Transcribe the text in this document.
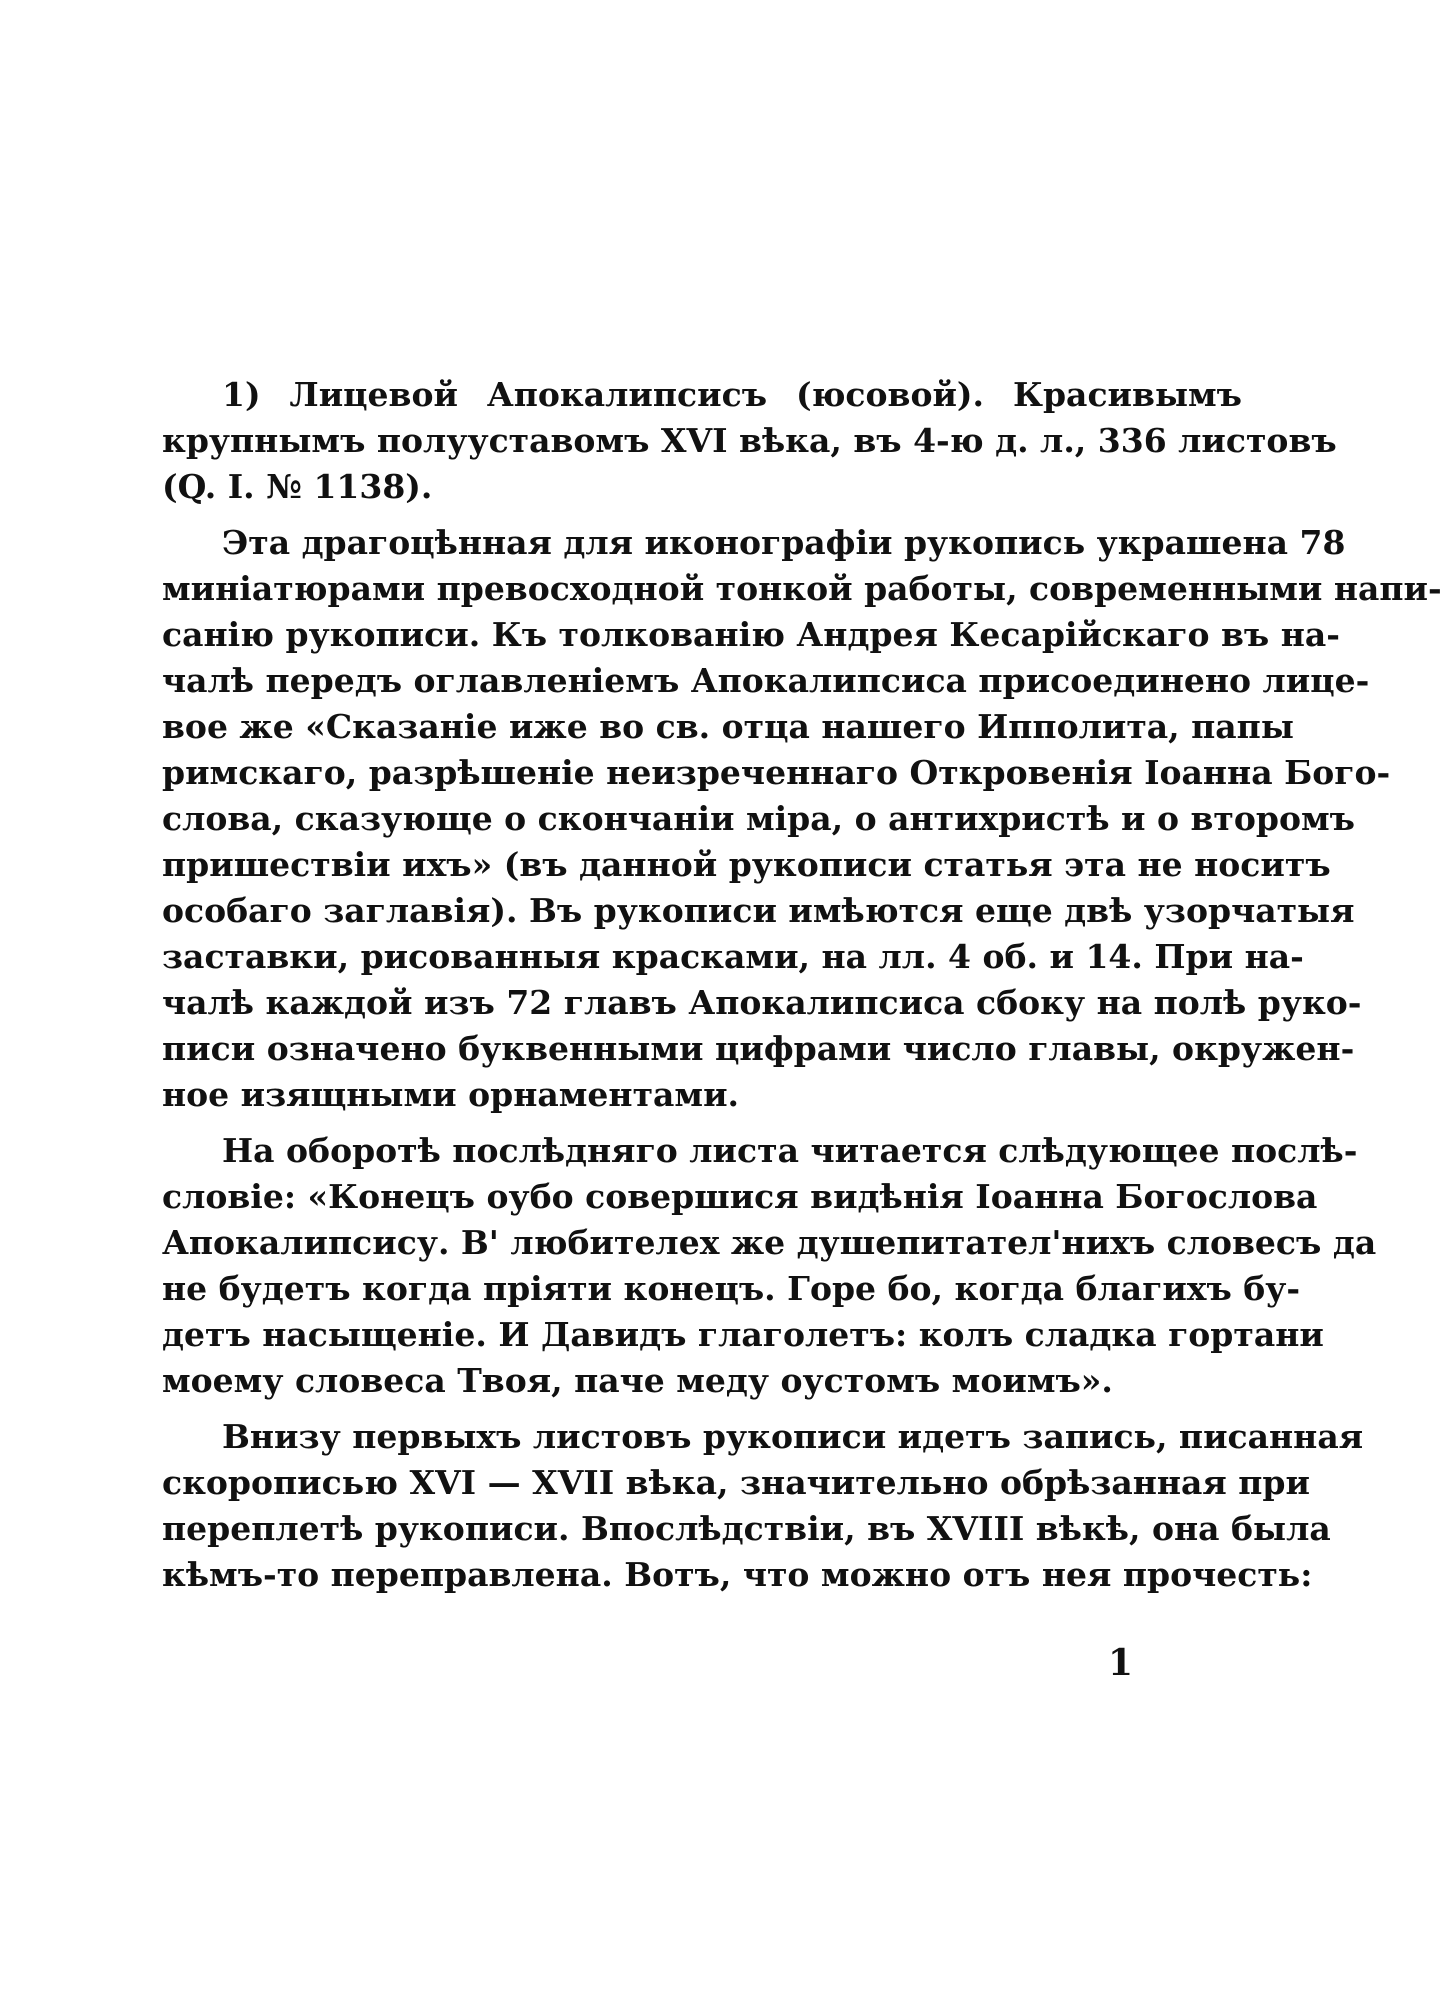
1) Лицевой Апокалипсисъ (юсовой). Красивымъ
крупнымъ полууставомъ XVI вѣка, въ 4-ю д. л., 336 листовъ
(Q. I. № 1138).
Эта драгоцѣнная для иконографіи рукопись украшена 78
миніатюрами превосходной тонкой работы, современными напи-
санію рукописи. Къ толкованію Андрея Кесарійскаго въ на-
чалѣ передъ оглавленіемъ Апокалипсиса присоединено лице-
вое же «Сказаніе иже во св. отца нашего Ипполита, папы
римскаго, разрѣшеніе неизреченнаго Откровенія Іоанна Бого-
слова, сказующе о скончаніи міра, о антихристѣ и о второмъ
пришествіи ихъ» (въ данной рукописи статья эта не носитъ
особаго заглавія). Въ рукописи имѣются еще двѣ узорчатыя
заставки, рисованныя красками, на лл. 4 об. и 14. При на-
чалѣ каждой изъ 72 главъ Апокалипсиса сбоку на полѣ руко-
писи означено буквенными цифрами число главы, окружен-
ное изящными орнаментами.
На оборотѣ послѣдняго листа читается слѣдующее послѣ-
словіе: «Конецъ оубо совершися видѣнія Іоанна Богослова
Апокалипсису. В' любителех же душепитател'нихъ словесъ да
не будетъ когда пріяти конецъ. Горе бо, когда благихъ бу-
детъ насыщеніе. И Давидъ глаголетъ: колъ сладка гортани
моему словеса Твоя, паче меду оустомъ моимъ».
Внизу первыхъ листовъ рукописи идетъ запись, писанная
скорописью XVI — XVII вѣка, значительно обрѣзанная при
переплетѣ рукописи. Впослѣдствіи, въ XVIII вѣкѣ, она была
кѣмъ-то переправлена. Вотъ, что можно отъ нея прочесть:
1
